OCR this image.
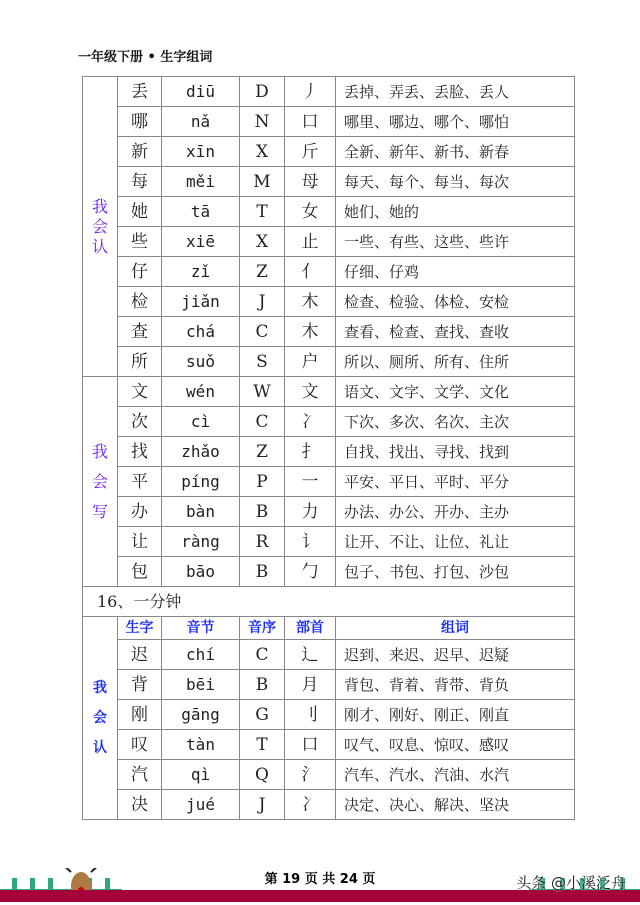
一年级下册 • 生字组词
我
会
认	丢	diū	D	丿	丢掉、弄丢、丢脸、丢人
	哪	nǎ	N	口	哪里、哪边、哪个、哪怕
	新	xīn	X	斤	全新、新年、新书、新春
	每	měi	M	母	每天、每个、每当、每次
	她	tā	T	女	她们、她的
	些	xiē	X	止	一些、有些、这些、些许
	仔	zǐ	Z	亻	仔细、仔鸡
	检	jiǎn	J	木	检查、检验、体检、安检
	查	chá	C	木	查看、检查、查找、查收
	所	suǒ	S	户	所以、厕所、所有、住所

我
会
写	文	wén	W	文	语文、文字、文学、文化
	次	cì	C	冫	下次、多次、名次、主次
	找	zhǎo	Z	扌	自找、找出、寻找、找到
	平	píng	P	一	平安、平日、平时、平分
	办	bàn	B	力	办法、办公、开办、主办
	让	ràng	R	讠	让开、不让、让位、礼让
	包	bāo	B	勹	包子、书包、打包、沙包
16、一分钟					

我
会
认	生字	音节	音序	部首	组词
	迟	chí	C	辶	迟到、来迟、迟早、迟疑
	背	bēi	B	月	背包、背着、背带、背负
	刚	gāng	G	刂	刚才、刚好、刚正、刚直
	叹	tàn	T	口	叹气、叹息、惊叹、感叹
	汽	qì	Q	氵	汽车、汽水、汽油、水汽
	决	jué	J	冫	决定、决心、解决、坚决
第 19 页 共 24 页	头条 @小溪泛舟
